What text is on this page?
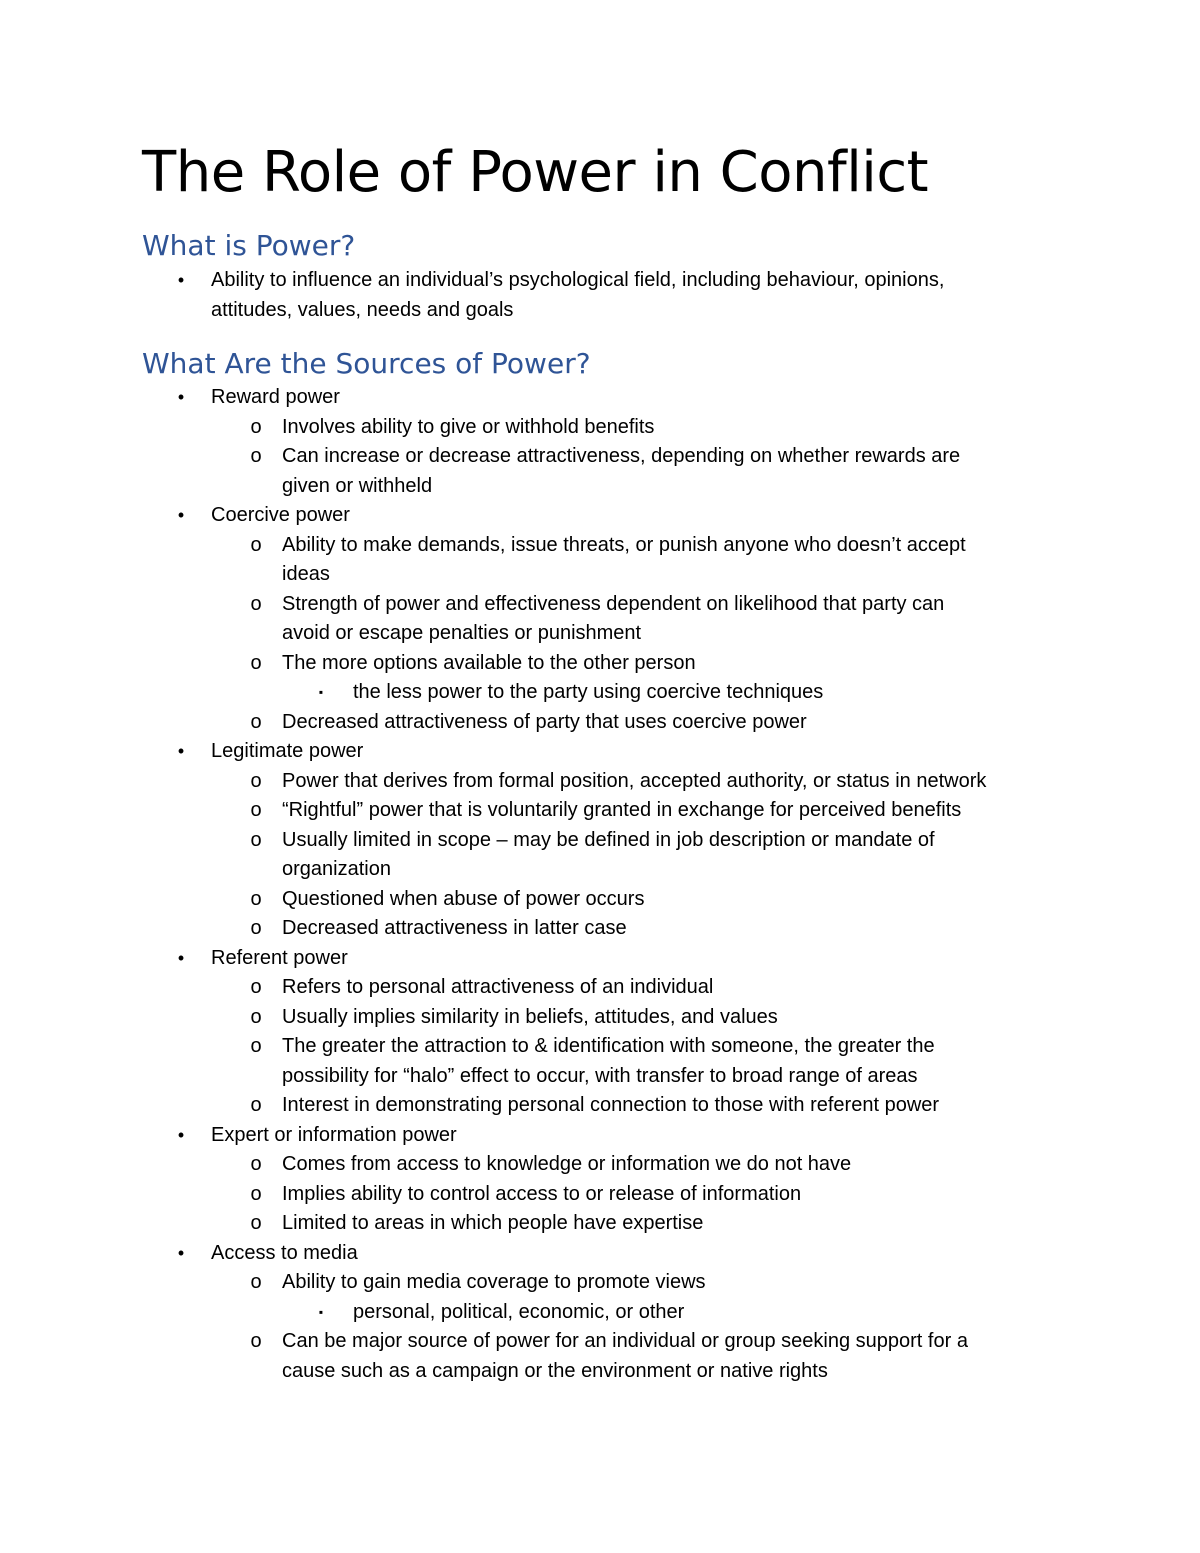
The Role of Power in Conflict
What is Power?
•	Ability to influence an individual’s psychological field, including behaviour, opinions,
attitudes, values, needs and goals
What Are the Sources of Power?
•	Reward power
o Involves ability to give or withhold benefits
o Can increase or decrease attractiveness, depending on whether rewards are
given or withheld
•	Coercive power
o Ability to make demands, issue threats, or punish anyone who doesn’t accept
ideas
o Strength of power and effectiveness dependent on likelihood that party can
avoid or escape penalties or punishment
o The more options available to the other person
▪	the less power to the party using coercive techniques
o Decreased attractiveness of party that uses coercive power
•	Legitimate power
o Power that derives from formal position, accepted authority, or status in network
o “Rightful” power that is voluntarily granted in exchange for perceived benefits
o Usually limited in scope – may be defined in job description or mandate of
organization
o Questioned when abuse of power occurs
o Decreased attractiveness in latter case
•	Referent power
o Refers to personal attractiveness of an individual
o Usually implies similarity in beliefs, attitudes, and values
o The greater the attraction to & identification with someone, the greater the
possibility for “halo” effect to occur, with transfer to broad range of areas
o Interest in demonstrating personal connection to those with referent power
•	Expert or information power
o Comes from access to knowledge or information we do not have
o Implies ability to control access to or release of information
o Limited to areas in which people have expertise
•	Access to media
o Ability to gain media coverage to promote views
▪	personal, political, economic, or other
o Can be major source of power for an individual or group seeking support for a
cause such as a campaign or the environment or native rights
